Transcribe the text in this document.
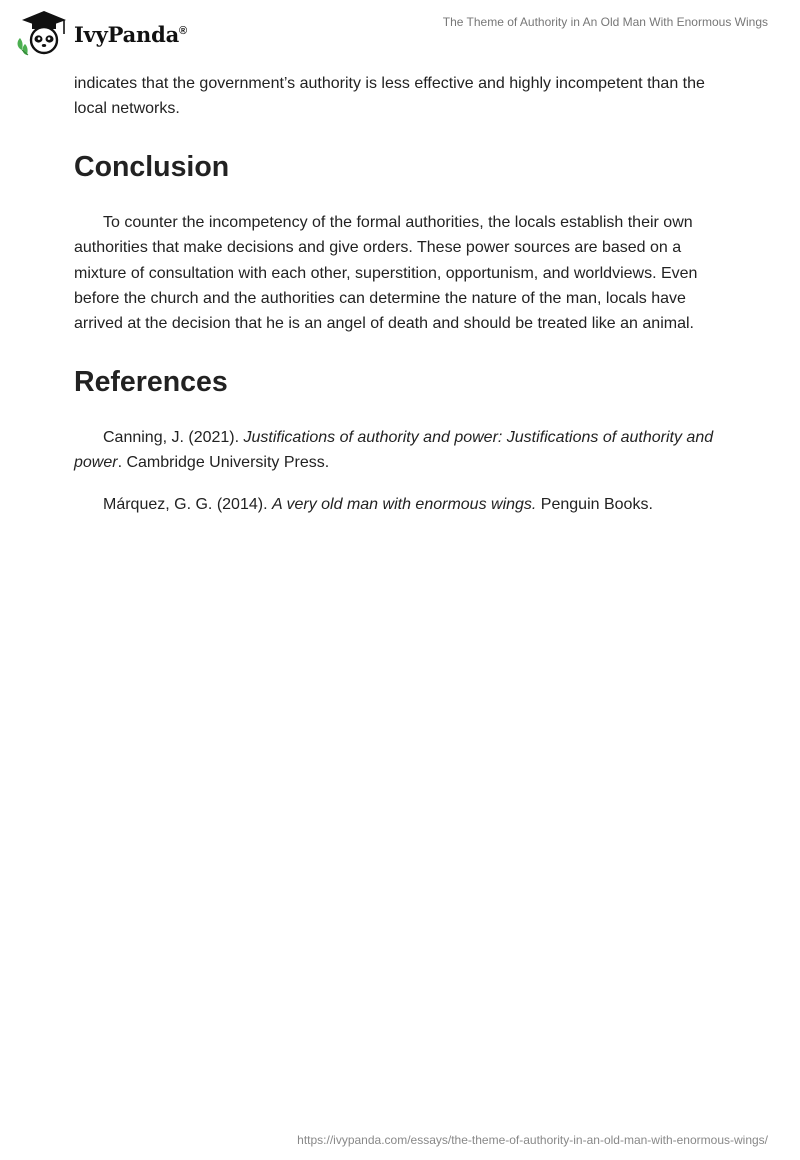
IvyPanda®
The Theme of Authority in An Old Man With Enormous Wings

indicates that the government’s authority is less effective and highly incompetent than the local networks.

Conclusion

To counter the incompetency of the formal authorities, the locals establish their own authorities that make decisions and give orders. These power sources are based on a mixture of consultation with each other, superstition, opportunism, and worldviews. Even before the church and the authorities can determine the nature of the man, locals have arrived at the decision that he is an angel of death and should be treated like an animal.

References

Canning, J. (2021). Justifications of authority and power: Justifications of authority and power. Cambridge University Press.

Márquez, G. G. (2014). A very old man with enormous wings. Penguin Books.

https://ivypanda.com/essays/the-theme-of-authority-in-an-old-man-with-enormous-wings/
